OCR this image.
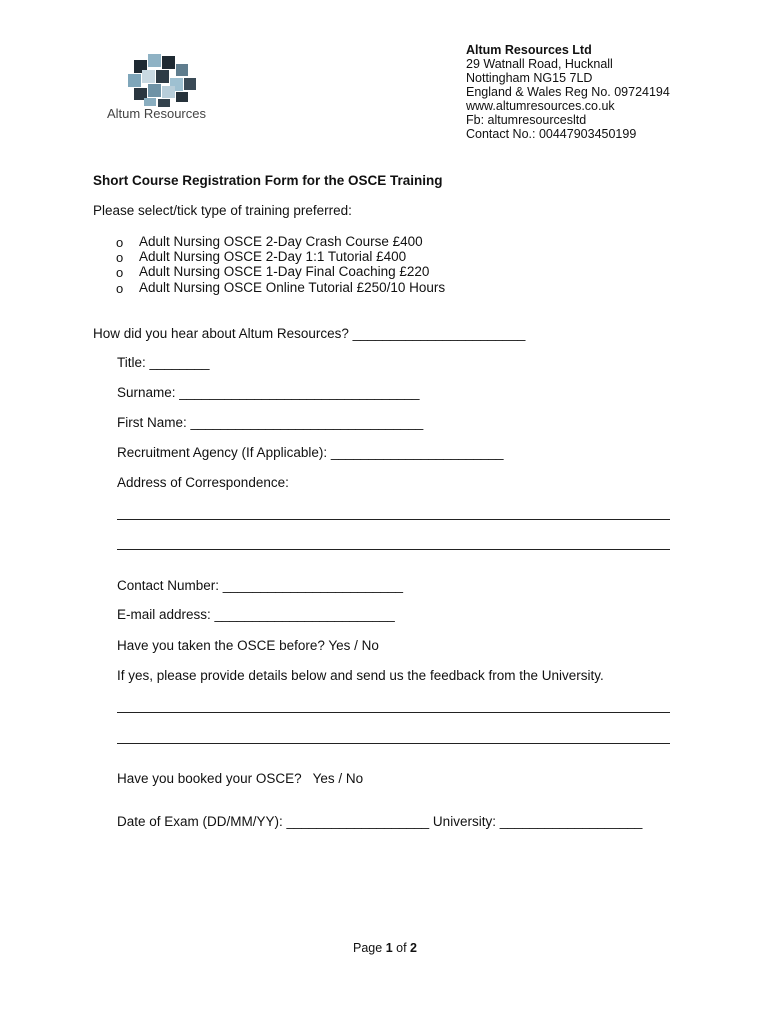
Altum Resources
Altum Resources Ltd
29 Watnall Road, Hucknall
Nottingham NG15 7LD
England & Wales Reg No. 09724194
www.altumresources.co.uk
Fb: altumresourcesltd
Contact No.: 00447903450199
Short Course Registration Form for the OSCE Training
Please select/tick type of training preferred:
o Adult Nursing OSCE 2-Day Crash Course £400
o Adult Nursing OSCE 2-Day 1:1 Tutorial £400
o Adult Nursing OSCE 1-Day Final Coaching £220
o Adult Nursing OSCE Online Tutorial £250/10 Hours
How did you hear about Altum Resources? _______________________
Title: ________
Surname: ________________________________
First Name: _______________________________
Recruitment Agency (If Applicable): _______________________
Address of Correspondence:
Contact Number: ________________________
E-mail address: ________________________
Have you taken the OSCE before? Yes / No
If yes, please provide details below and send us the feedback from the University.
Have you booked your OSCE?   Yes / No
Date of Exam (DD/MM/YY): ___________________ University: ___________________
Page 1 of 2
